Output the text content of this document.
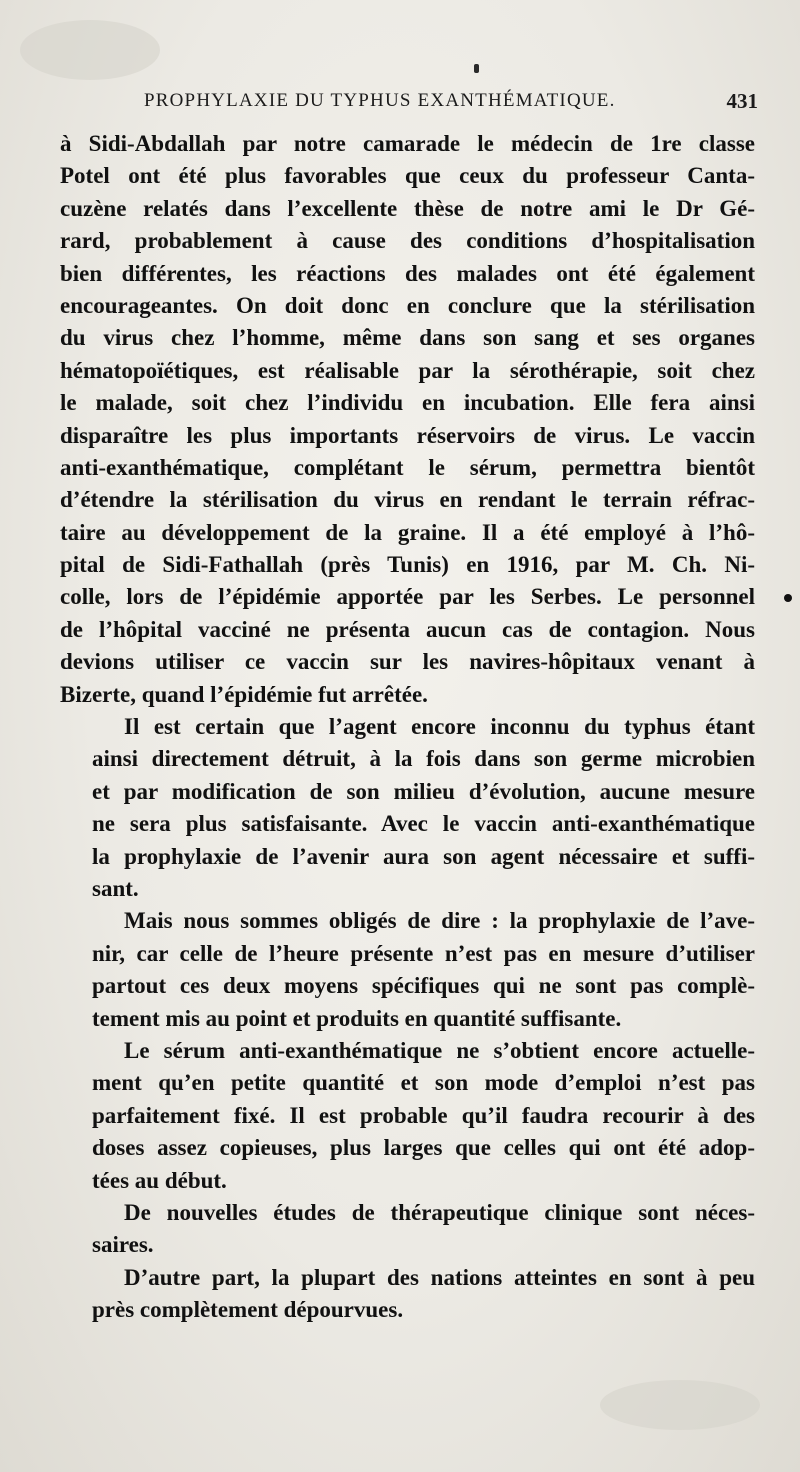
PROPHYLAXIE DU TYPHUS EXANTHÉMATIQUE.	431
à Sidi-Abdallah par notre camarade le médecin de 1re classe
Potel ont été plus favorables que ceux du professeur Canta-
cuzène relatés dans l’excellente thèse de notre ami le Dr Gé-
rard, probablement à cause des conditions d’hospitalisation
bien différentes, les réactions des malades ont été également
encourageantes. On doit donc en conclure que la stérilisation
du virus chez l’homme, même dans son sang et ses organes
hématopoïétiques, est réalisable par la sérothérapie, soit chez
le malade, soit chez l’individu en incubation. Elle fera ainsi
disparaître les plus importants réservoirs de virus. Le vaccin
anti-exanthématique, complétant le sérum, permettra bientôt
d’étendre la stérilisation du virus en rendant le terrain réfrac-
taire au développement de la graine. Il a été employé à l’hô-
pital de Sidi-Fathallah (près Tunis) en 1916, par M. Ch. Ni-
colle, lors de l’épidémie apportée par les Serbes. Le personnel
de l’hôpital vacciné ne présenta aucun cas de contagion. Nous
devions utiliser ce vaccin sur les navires-hôpitaux venant à
Bizerte, quand l’épidémie fut arrêtée.
Il est certain que l’agent encore inconnu du typhus étant
ainsi directement détruit, à la fois dans son germe microbien
et par modification de son milieu d’évolution, aucune mesure
ne sera plus satisfaisante. Avec le vaccin anti-exanthématique
la prophylaxie de l’avenir aura son agent nécessaire et suffi-
sant.
Mais nous sommes obligés de dire : la prophylaxie de l’ave-
nir, car celle de l’heure présente n’est pas en mesure d’utiliser
partout ces deux moyens spécifiques qui ne sont pas complè-
tement mis au point et produits en quantité suffisante.
Le sérum anti-exanthématique ne s’obtient encore actuelle-
ment qu’en petite quantité et son mode d’emploi n’est pas
parfaitement fixé. Il est probable qu’il faudra recourir à des
doses assez copieuses, plus larges que celles qui ont été adop-
tées au début.
De nouvelles études de thérapeutique clinique sont néces-
saires.
D’autre part, la plupart des nations atteintes en sont à peu
près complètement dépourvues.
